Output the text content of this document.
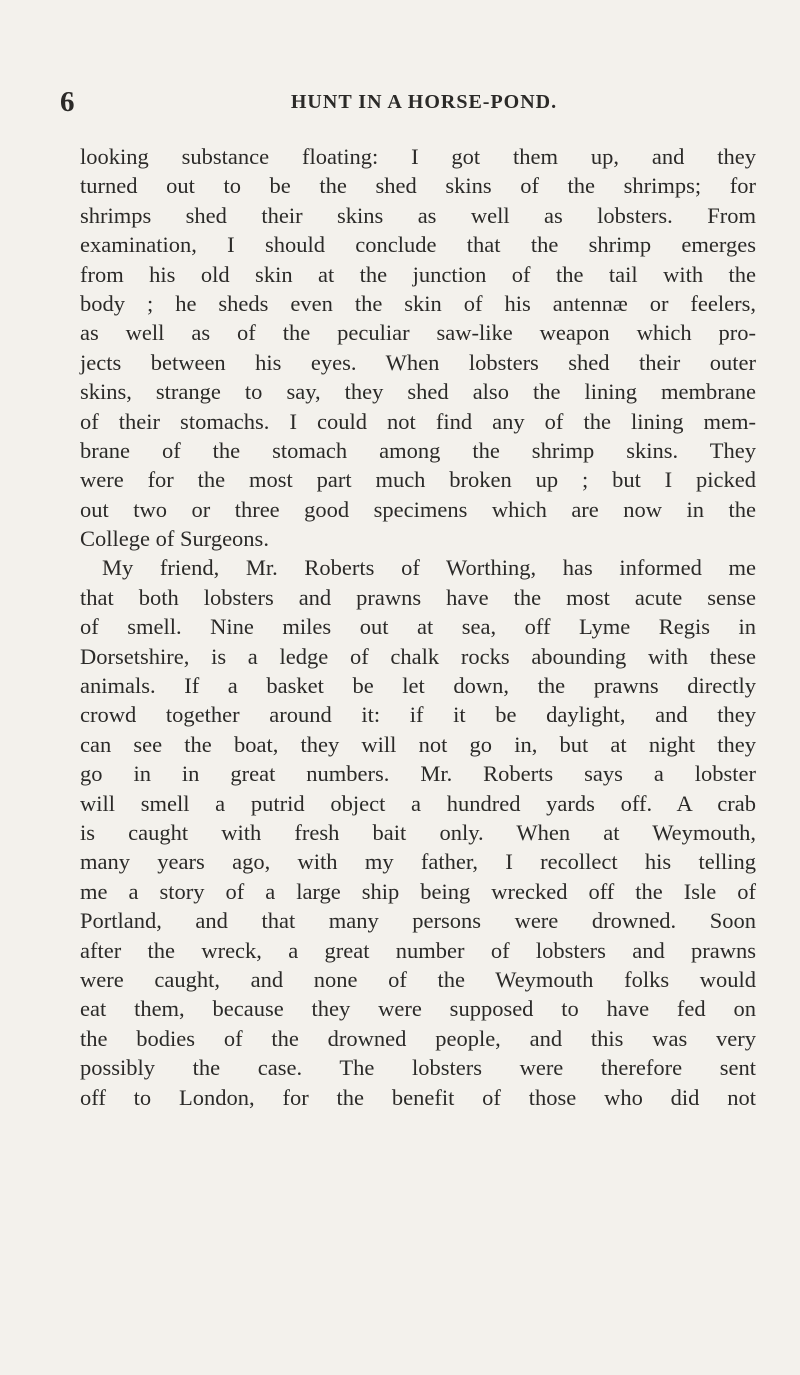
6	HUNT IN A HORSE-POND.
looking substance floating: I got them up, and they
turned out to be the shed skins of the shrimps; for
shrimps shed their skins as well as lobsters. From
examination, I should conclude that the shrimp emerges
from his old skin at the junction of the tail with the
body ; he sheds even the skin of his antennæ or feelers,
as well as of the peculiar saw-like weapon which pro-
jects between his eyes. When lobsters shed their outer
skins, strange to say, they shed also the lining membrane
of their stomachs. I could not find any of the lining mem-
brane of the stomach among the shrimp skins. They
were for the most part much broken up ; but I picked
out two or three good specimens which are now in the
College of Surgeons.
My friend, Mr. Roberts of Worthing, has informed me
that both lobsters and prawns have the most acute sense
of smell. Nine miles out at sea, off Lyme Regis in
Dorsetshire, is a ledge of chalk rocks abounding with these
animals. If a basket be let down, the prawns directly
crowd together around it: if it be daylight, and they
can see the boat, they will not go in, but at night they
go in in great numbers. Mr. Roberts says a lobster
will smell a putrid object a hundred yards off. A crab
is caught with fresh bait only. When at Weymouth,
many years ago, with my father, I recollect his telling
me a story of a large ship being wrecked off the Isle of
Portland, and that many persons were drowned. Soon
after the wreck, a great number of lobsters and prawns
were caught, and none of the Weymouth folks would
eat them, because they were supposed to have fed on
the bodies of the drowned people, and this was very
possibly the case. The lobsters were therefore sent
off to London, for the benefit of those who did not
